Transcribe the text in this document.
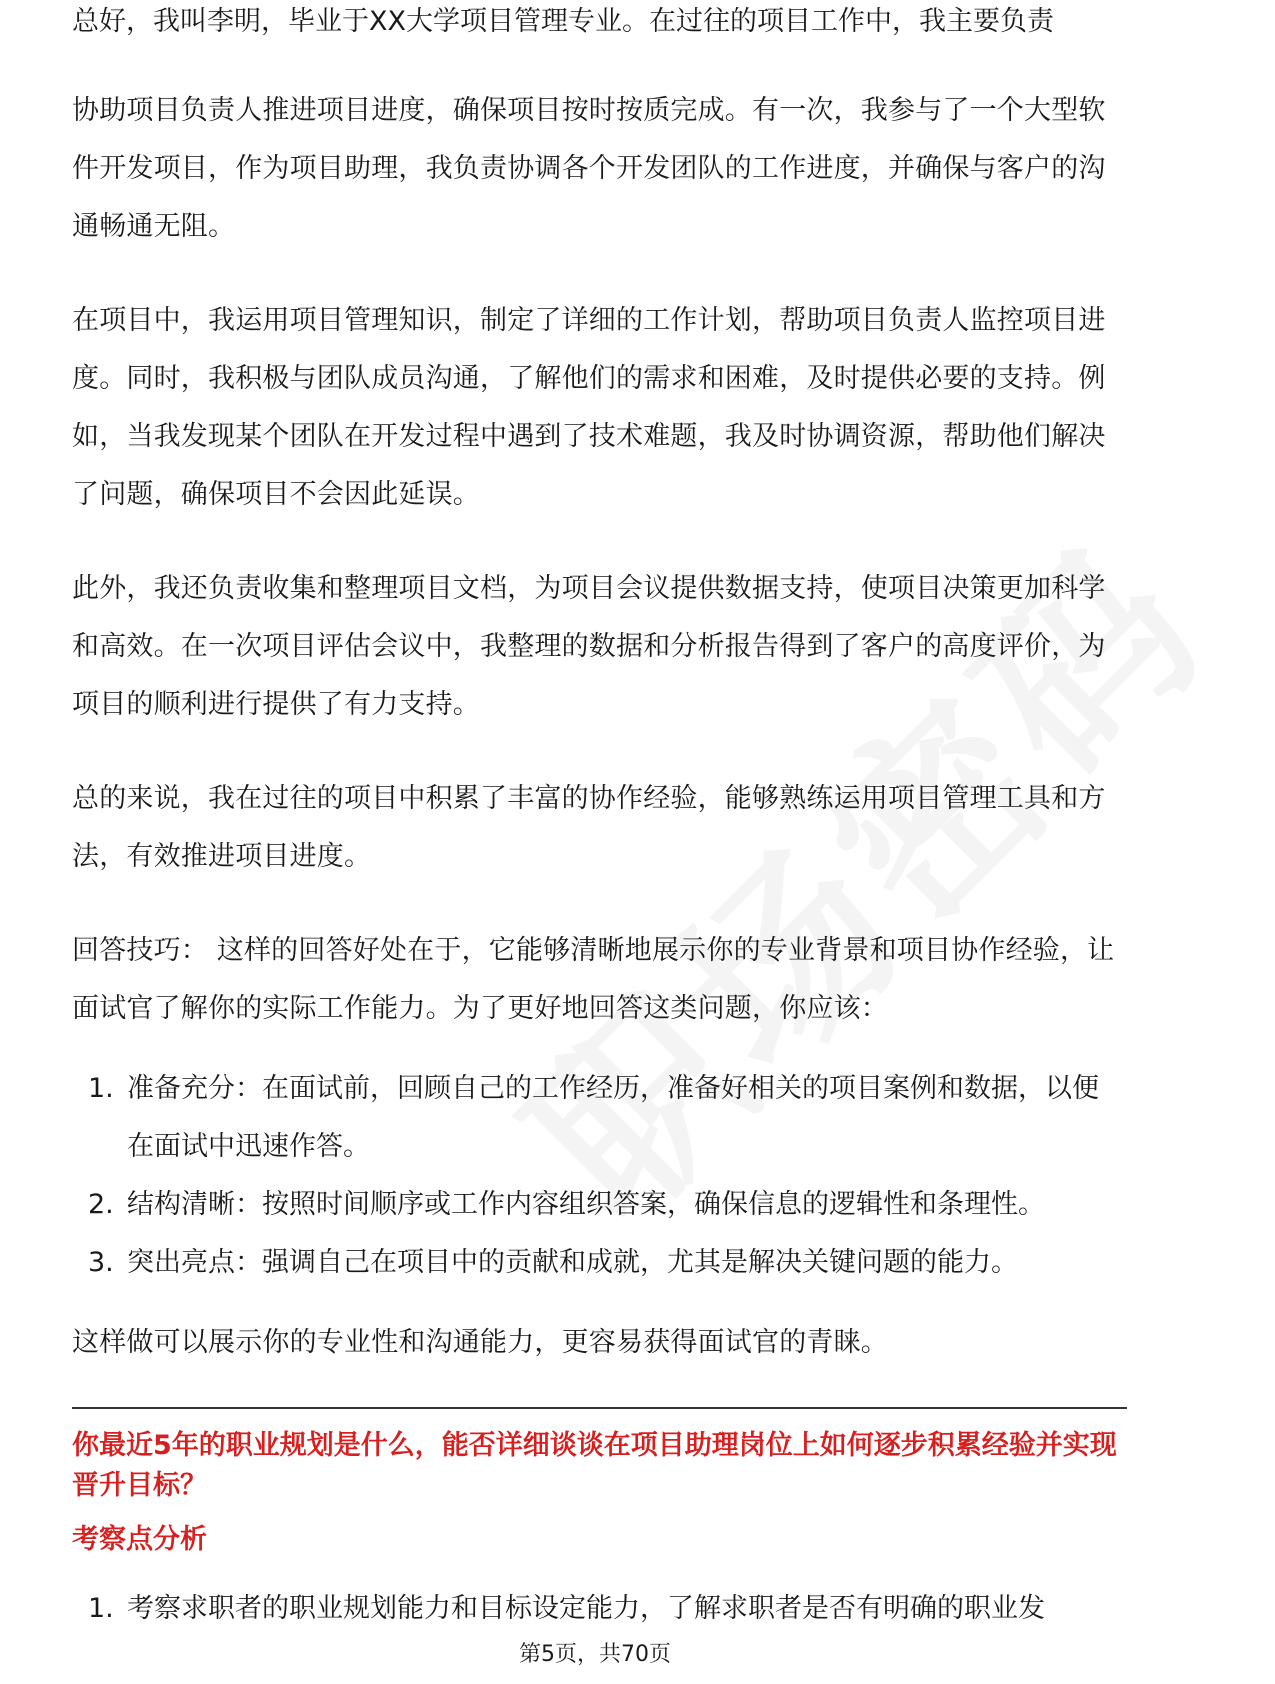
总好，我叫李明，毕业于XX大学项目管理专业。在过往的项目工作中，我主要负责

协助项目负责人推进项目进度，确保项目按时按质完成。有一次，我参与了一个大型软件开发项目，作为项目助理，我负责协调各个开发团队的工作进度，并确保与客户的沟通畅通无阻。

在项目中，我运用项目管理知识，制定了详细的工作计划，帮助项目负责人监控项目进度。同时，我积极与团队成员沟通，了解他们的需求和困难，及时提供必要的支持。例如，当我发现某个团队在开发过程中遇到了技术难题，我及时协调资源，帮助他们解决了问题，确保项目不会因此延误。

此外，我还负责收集和整理项目文档，为项目会议提供数据支持，使项目决策更加科学和高效。在一次项目评估会议中，我整理的数据和分析报告得到了客户的高度评价，为项目的顺利进行提供了有力支持。

总的来说，我在过往的项目中积累了丰富的协作经验，能够熟练运用项目管理工具和方法，有效推进项目进度。

回答技巧： 这样的回答好处在于，它能够清晰地展示你的专业背景和项目协作经验，让面试官了解你的实际工作能力。为了更好地回答这类问题，你应该：

1. 准备充分：在面试前，回顾自己的工作经历，准备好相关的项目案例和数据，以便在面试中迅速作答。
2. 结构清晰：按照时间顺序或工作内容组织答案，确保信息的逻辑性和条理性。
3. 突出亮点：强调自己在项目中的贡献和成就，尤其是解决关键问题的能力。

这样做可以展示你的专业性和沟通能力，更容易获得面试官的青睐。

你最近5年的职业规划是什么，能否详细谈谈在项目助理岗位上如何逐步积累经验并实现晋升目标？
考察点分析
1. 考察求职者的职业规划能力和目标设定能力，了解求职者是否有明确的职业发
第5页，共70页
